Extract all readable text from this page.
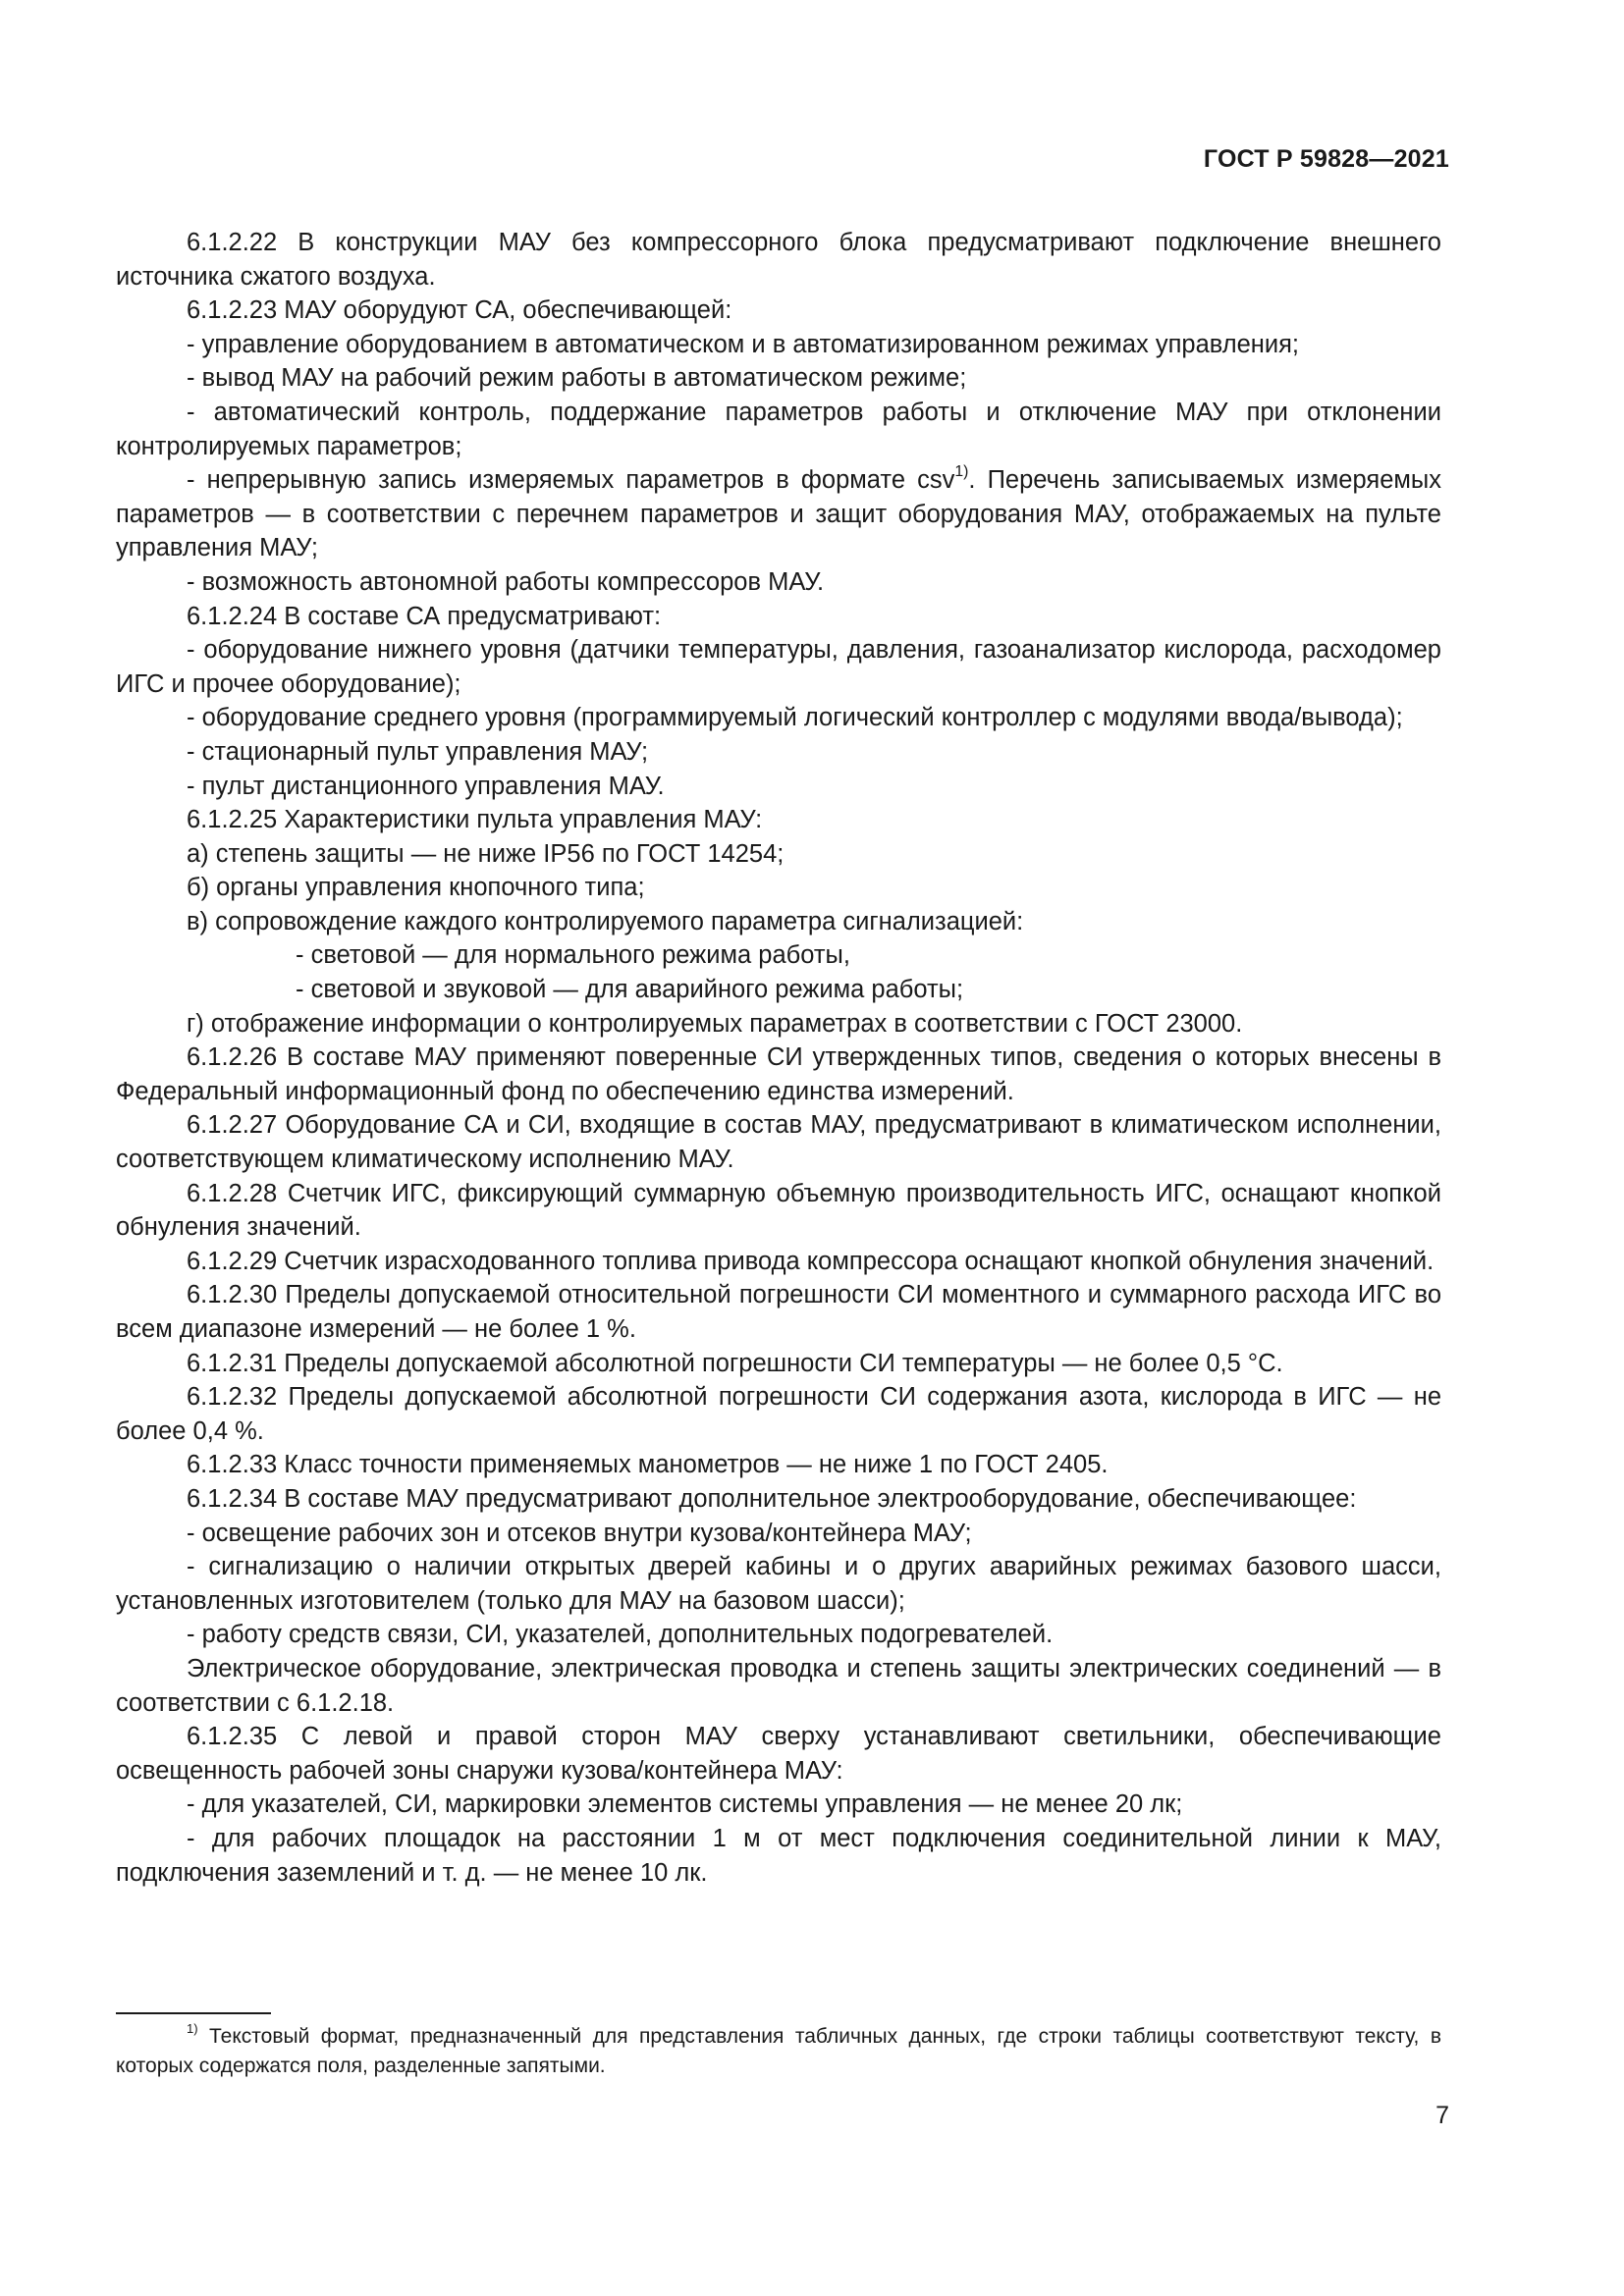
ГОСТ Р 59828—2021

6.1.2.22 В конструкции МАУ без компрессорного блока предусматривают подключение внешнего источника сжатого воздуха.

6.1.2.23 МАУ оборудуют СА, обеспечивающей:

- управление оборудованием в автоматическом и в автоматизированном режимах управления;

- вывод МАУ на рабочий режим работы в автоматическом режиме;

- автоматический контроль, поддержание параметров работы и отключение МАУ при отклонении контролируемых параметров;

- непрерывную запись измеряемых параметров в формате csv$^{1)}$. Перечень записываемых измеряемых параметров — в соответствии с перечнем параметров и защит оборудования МАУ, отображаемых на пульте управления МАУ;

- возможность автономной работы компрессоров МАУ.

6.1.2.24 В составе СА предусматривают:

- оборудование нижнего уровня (датчики температуры, давления, газоанализатор кислорода, расходомер ИГС и прочее оборудование);

- оборудование среднего уровня (программируемый логический контроллер с модулями ввода/вывода);

- стационарный пульт управления МАУ;

- пульт дистанционного управления МАУ.

6.1.2.25 Характеристики пульта управления МАУ:

а) степень защиты — не ниже IP56 по ГОСТ 14254;

б) органы управления кнопочного типа;

в) сопровождение каждого контролируемого параметра сигнализацией:

- световой — для нормального режима работы,

- световой и звуковой — для аварийного режима работы;

г) отображение информации о контролируемых параметрах в соответствии с ГОСТ 23000.

6.1.2.26 В составе МАУ применяют поверенные СИ утвержденных типов, сведения о которых внесены в Федеральный информационный фонд по обеспечению единства измерений.

6.1.2.27 Оборудование СА и СИ, входящие в состав МАУ, предусматривают в климатическом исполнении, соответствующем климатическому исполнению МАУ.

6.1.2.28 Счетчик ИГС, фиксирующий суммарную объемную производительность ИГС, оснащают кнопкой обнуления значений.

6.1.2.29 Счетчик израсходованного топлива привода компрессора оснащают кнопкой обнуления значений.

6.1.2.30 Пределы допускаемой относительной погрешности СИ моментного и суммарного расхода ИГС во всем диапазоне измерений — не более 1 %.

6.1.2.31 Пределы допускаемой абсолютной погрешности СИ температуры — не более 0,5 °С.

6.1.2.32 Пределы допускаемой абсолютной погрешности СИ содержания азота, кислорода в ИГС — не более 0,4 %.

6.1.2.33 Класс точности применяемых манометров — не ниже 1 по ГОСТ 2405.

6.1.2.34 В составе МАУ предусматривают дополнительное электрооборудование, обеспечивающее:

- освещение рабочих зон и отсеков внутри кузова/контейнера МАУ;

- сигнализацию о наличии открытых дверей кабины и о других аварийных режимах базового шасси, установленных изготовителем (только для МАУ на базовом шасси);

- работу средств связи, СИ, указателей, дополнительных подогревателей.

Электрическое оборудование, электрическая проводка и степень защиты электрических соединений — в соответствии с 6.1.2.18.

6.1.2.35 С левой и правой сторон МАУ сверху устанавливают светильники, обеспечивающие освещенность рабочей зоны снаружи кузова/контейнера МАУ:

- для указателей, СИ, маркировки элементов системы управления — не менее 20 лк;

- для рабочих площадок на расстоянии 1 м от мест подключения соединительной линии к МАУ, подключения заземлений и т. д. — не менее 10 лк.

$^{1)}$ Текстовый формат, предназначенный для представления табличных данных, где строки таблицы соответствуют тексту, в которых содержатся поля, разделенные запятыми.

7
